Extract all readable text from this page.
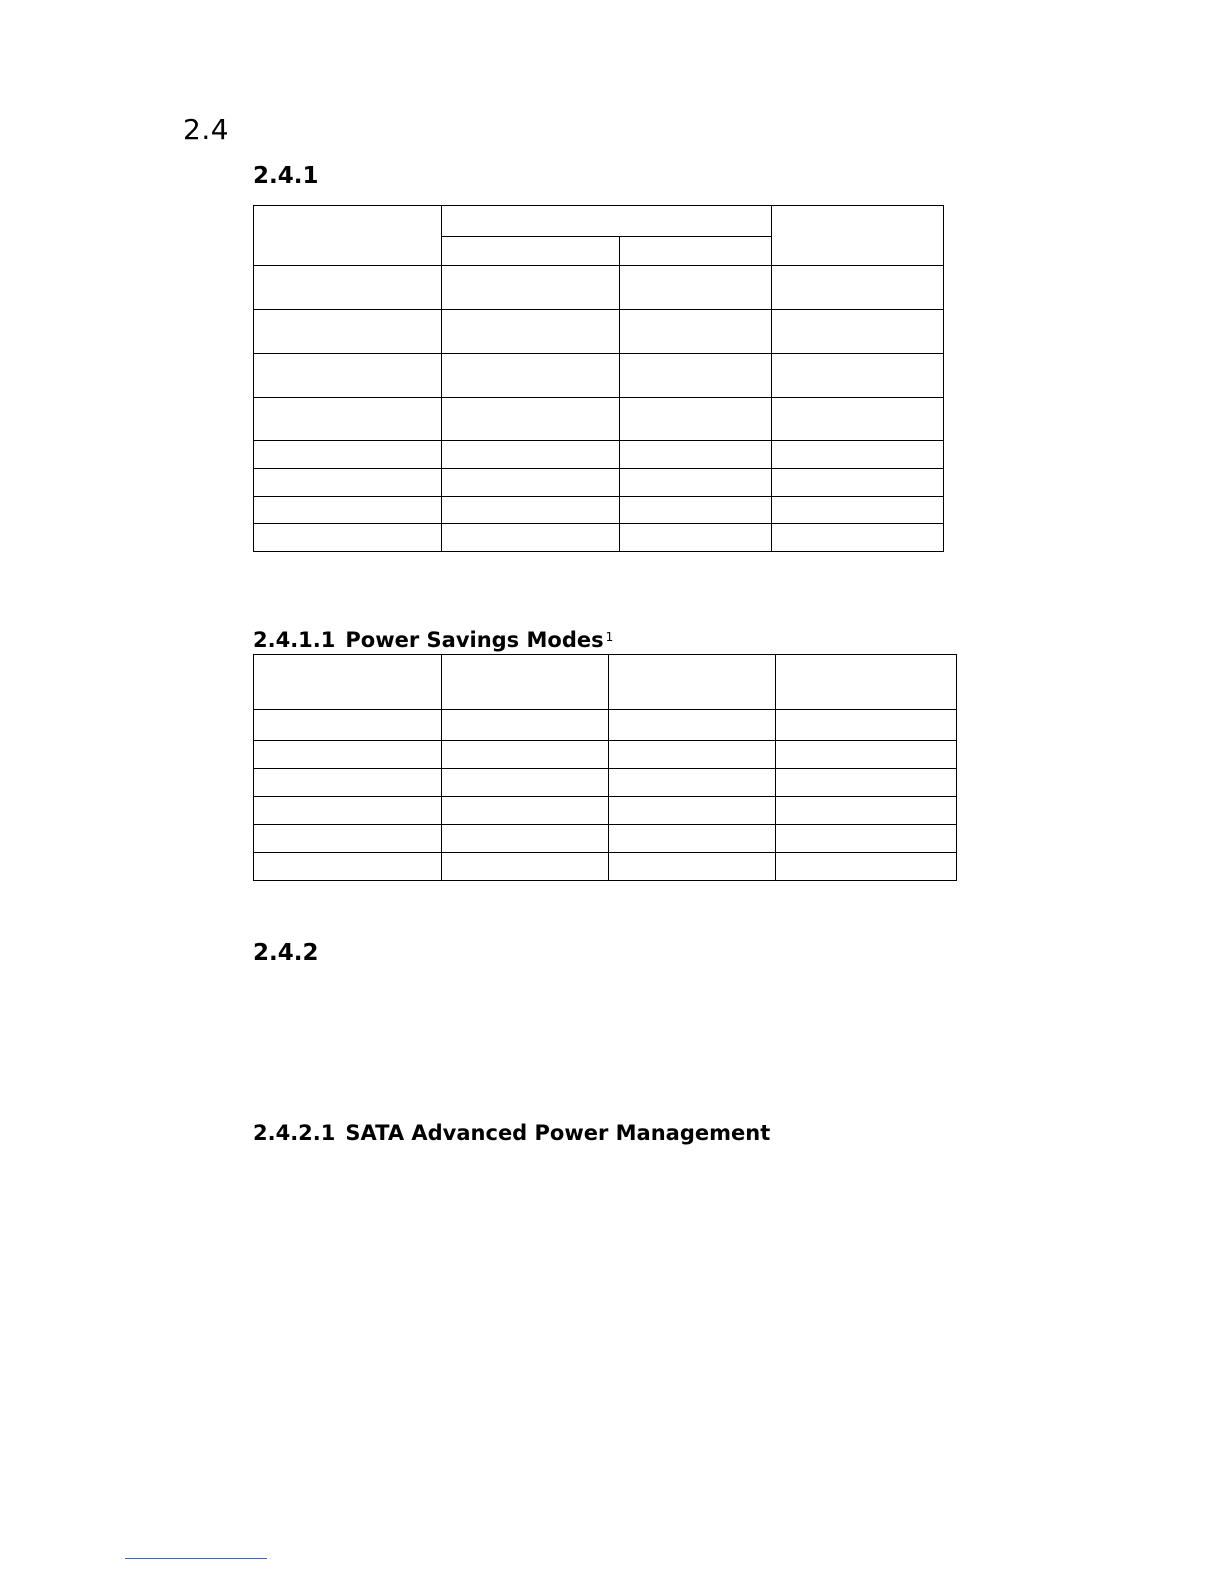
2.4
2.4.1

2.4.1.1 Power Savings Modes $^1$

2.4.2
2.4.2.1 SATA Advanced Power Management
